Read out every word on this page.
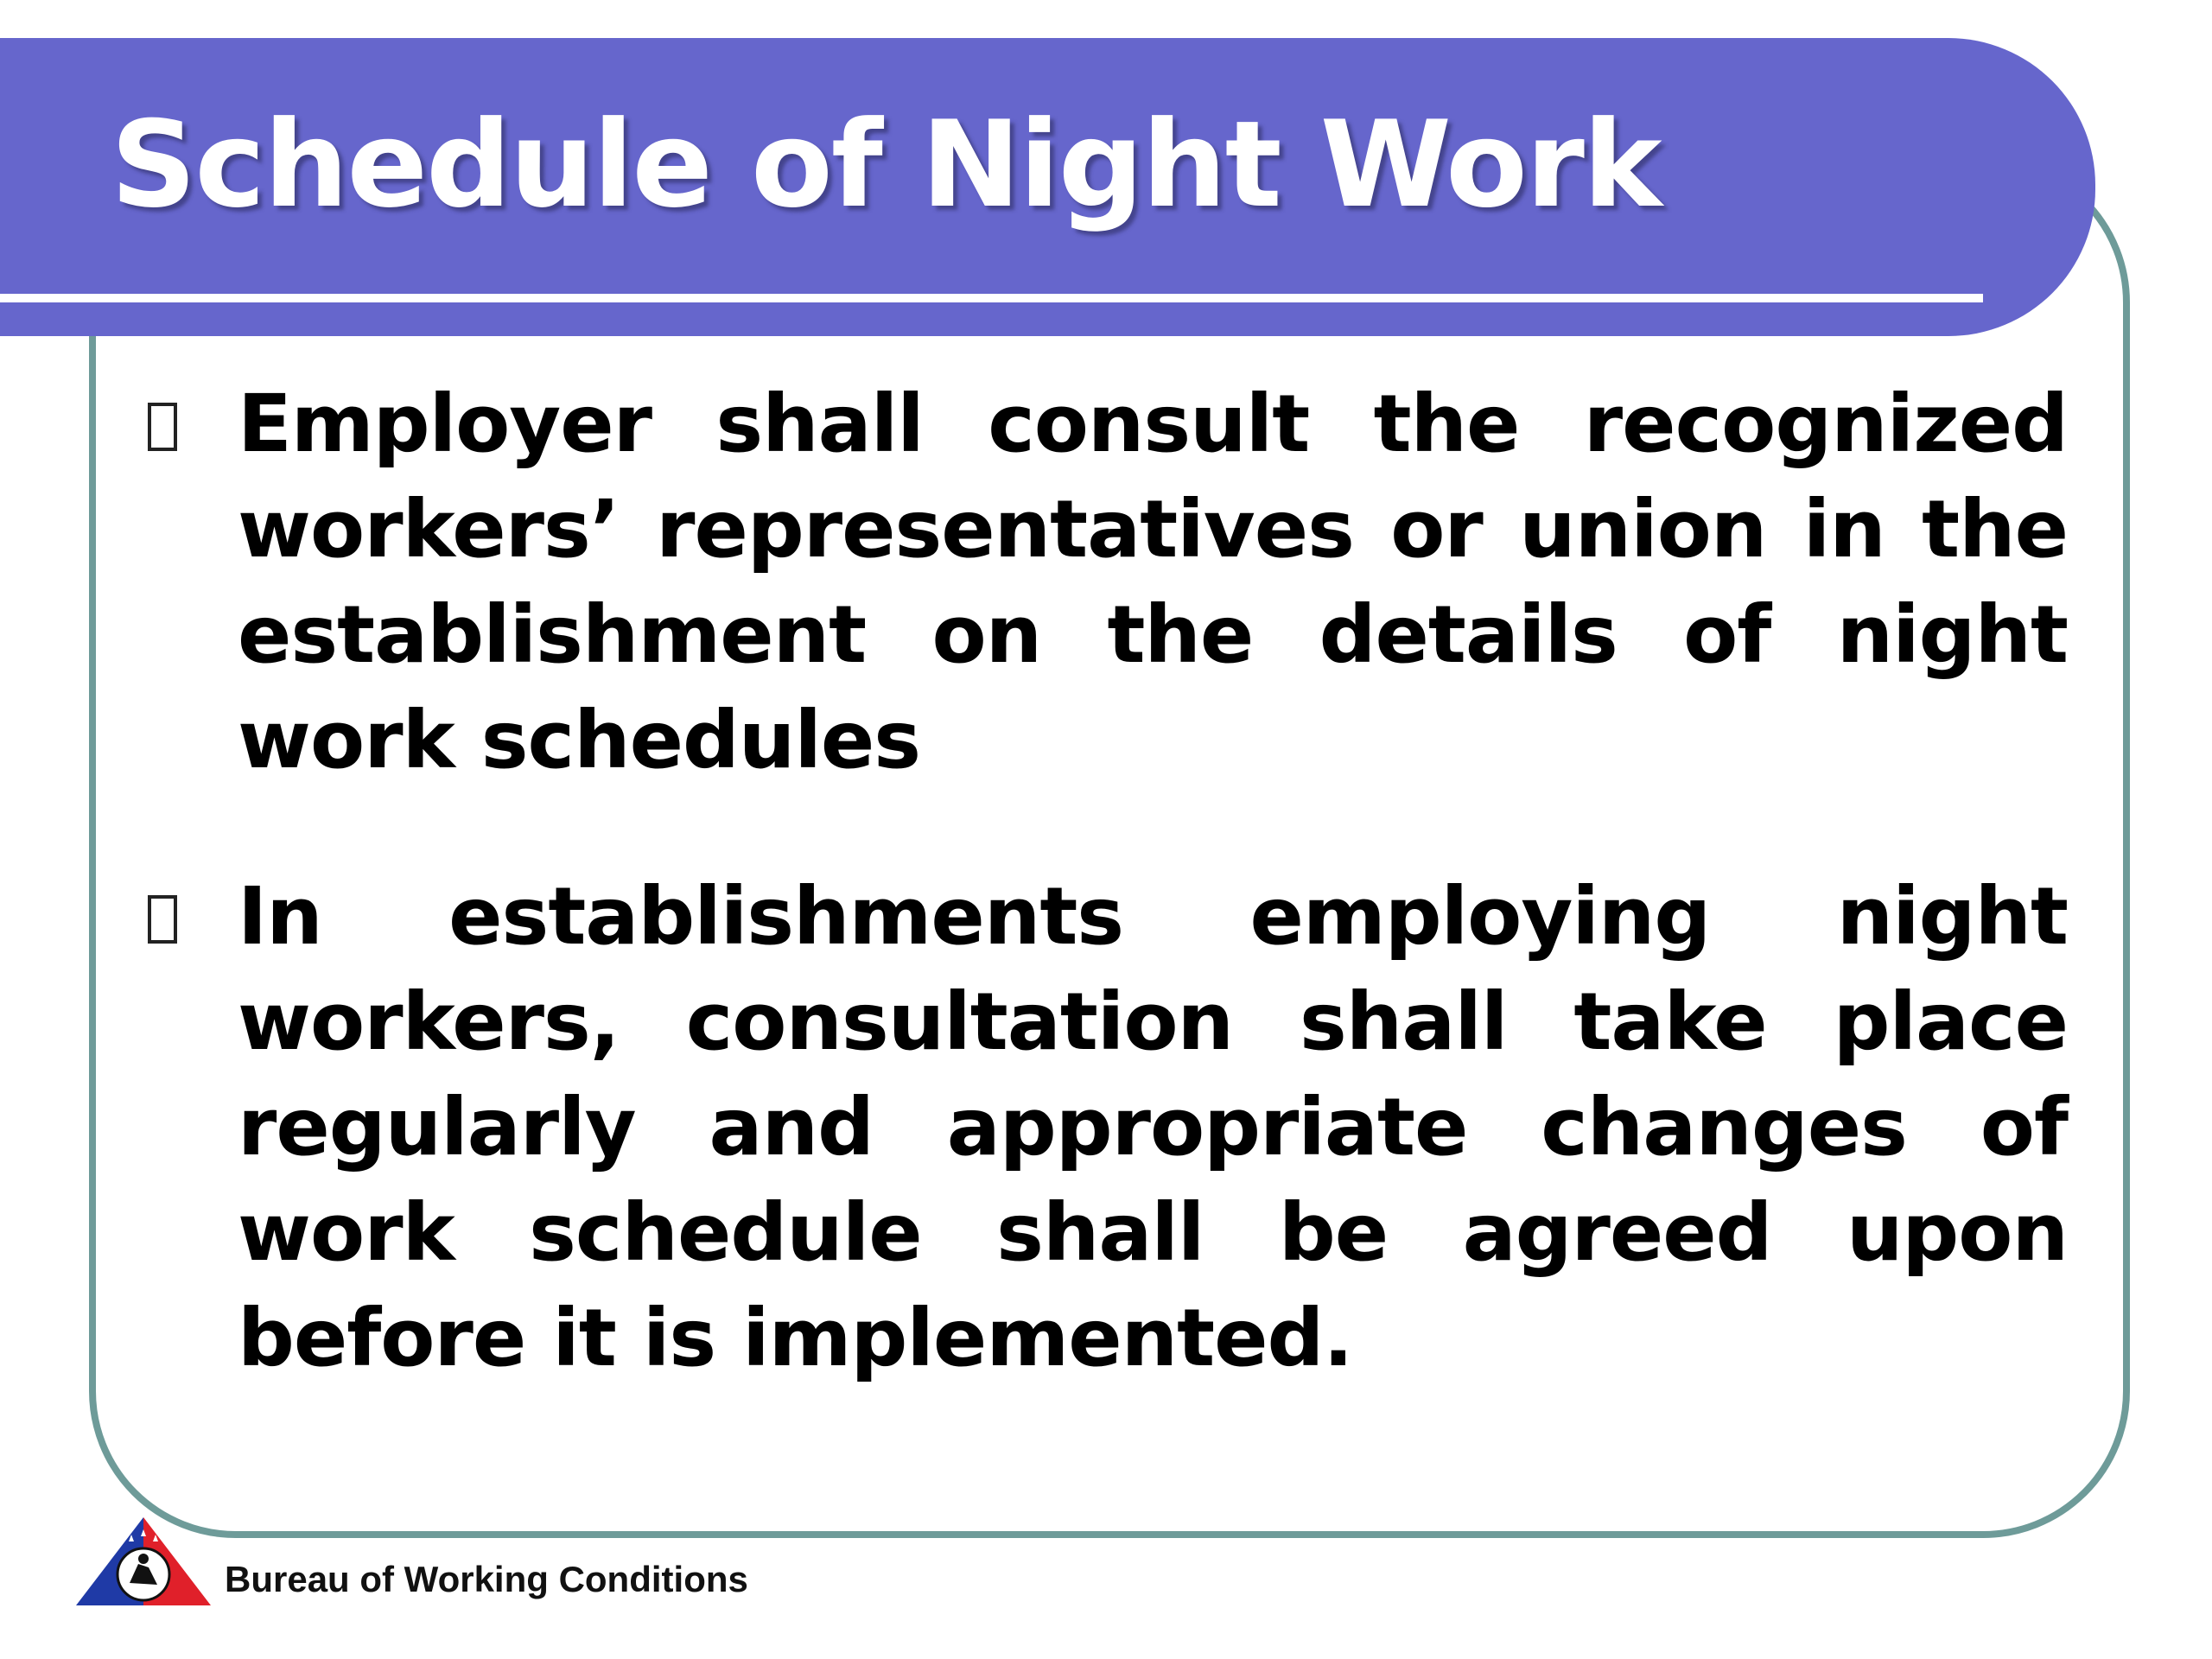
Schedule of Night Work
Employer shall consult the recognized workers’ representatives or union in the establishment on the details of night work schedules
In establishments employing night workers, consultation shall take place regularly and appropriate changes of work schedule shall be agreed upon before it is implemented.
Bureau of Working Conditions
